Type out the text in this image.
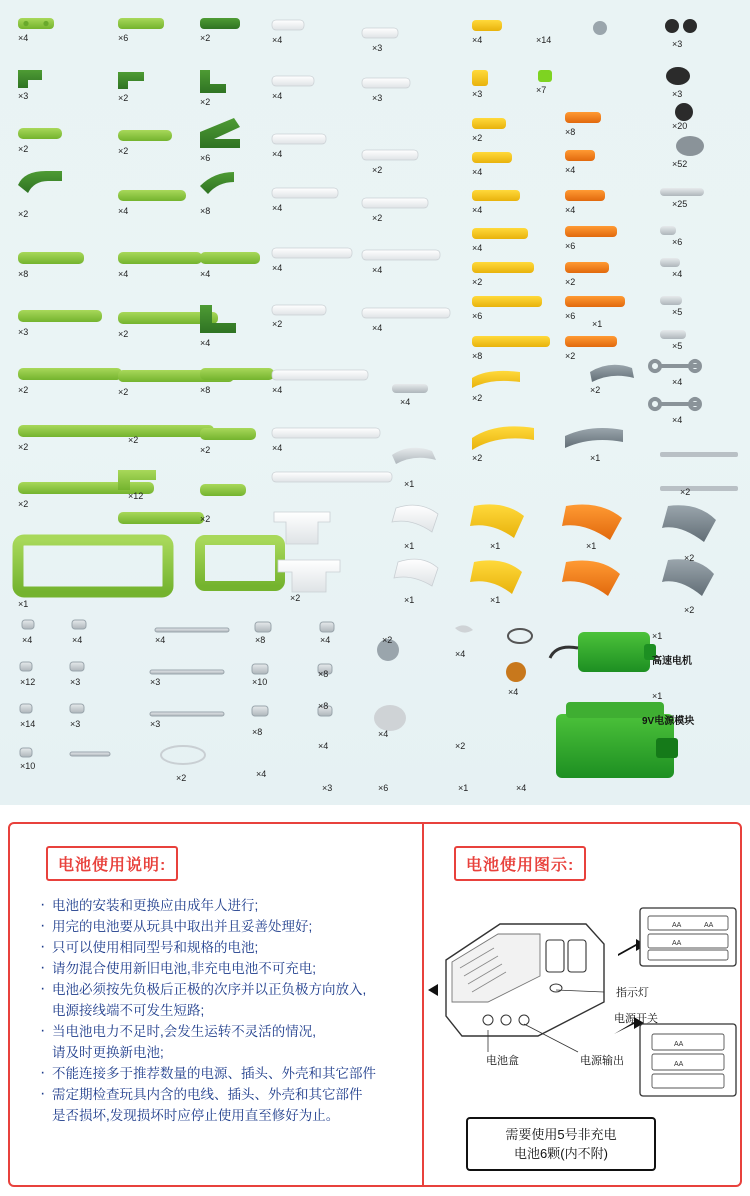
×4
×3
×2
×2
×8
×3
×2
×2
×2
×1
×6
×2
×2
×4
×4
×2
×2
×2
×12
×2
×2
×2
×6
×8
×4
×4
×8
×2
×2
×4
×4
×4
×4
×4
×2
×4
×4
×3
×3
×2
×2
×4
×4
×4
×1
×1
×1
×4
×3
×2
×4
×4
×4
×2
×6
×8
×2
×2
×1
×1
×14
×7
×8
×4
×4
×6
×2
×6
×2
×2
×1
×1
×3
×3
×20
×52
×25
×6
×4
×5
×5
×4
×4
×2
×2
×2
×1
×4	×4	×4	×8	×4	×2
×4
×12	×3	×3	×10
×8
×8
×4
×14	×3	×3
×8
×4
×4
×2
×10
×2	×4
×3	×6	×1	×4
×1
高速电机
×1
9V电源模块
电池使用说明:
· 电池的安装和更换应由成年人进行;
· 用完的电池要从玩具中取出并且妥善处理好;
· 只可以使用相同型号和规格的电池;
· 请勿混合使用新旧电池,非充电电池不可充电;
· 电池必须按先负极后正极的次序并以正负极方向放入,
电源接线端不可发生短路;
· 当电池电力不足时,会发生运转不灵活的情况,
请及时更换新电池;
· 不能连接多于推荐数量的电源、插头、外壳和其它部件
· 需定期检查玩具内含的电线、插头、外壳和其它部件
是否损坏,发现损坏时应停止使用直至修好为止。
电池使用图示:
AA	AA
AA
AA
AA
指示灯
电源开关
电源输出
电池盒
需要使用5号非充电
电池6颗(内不附)
